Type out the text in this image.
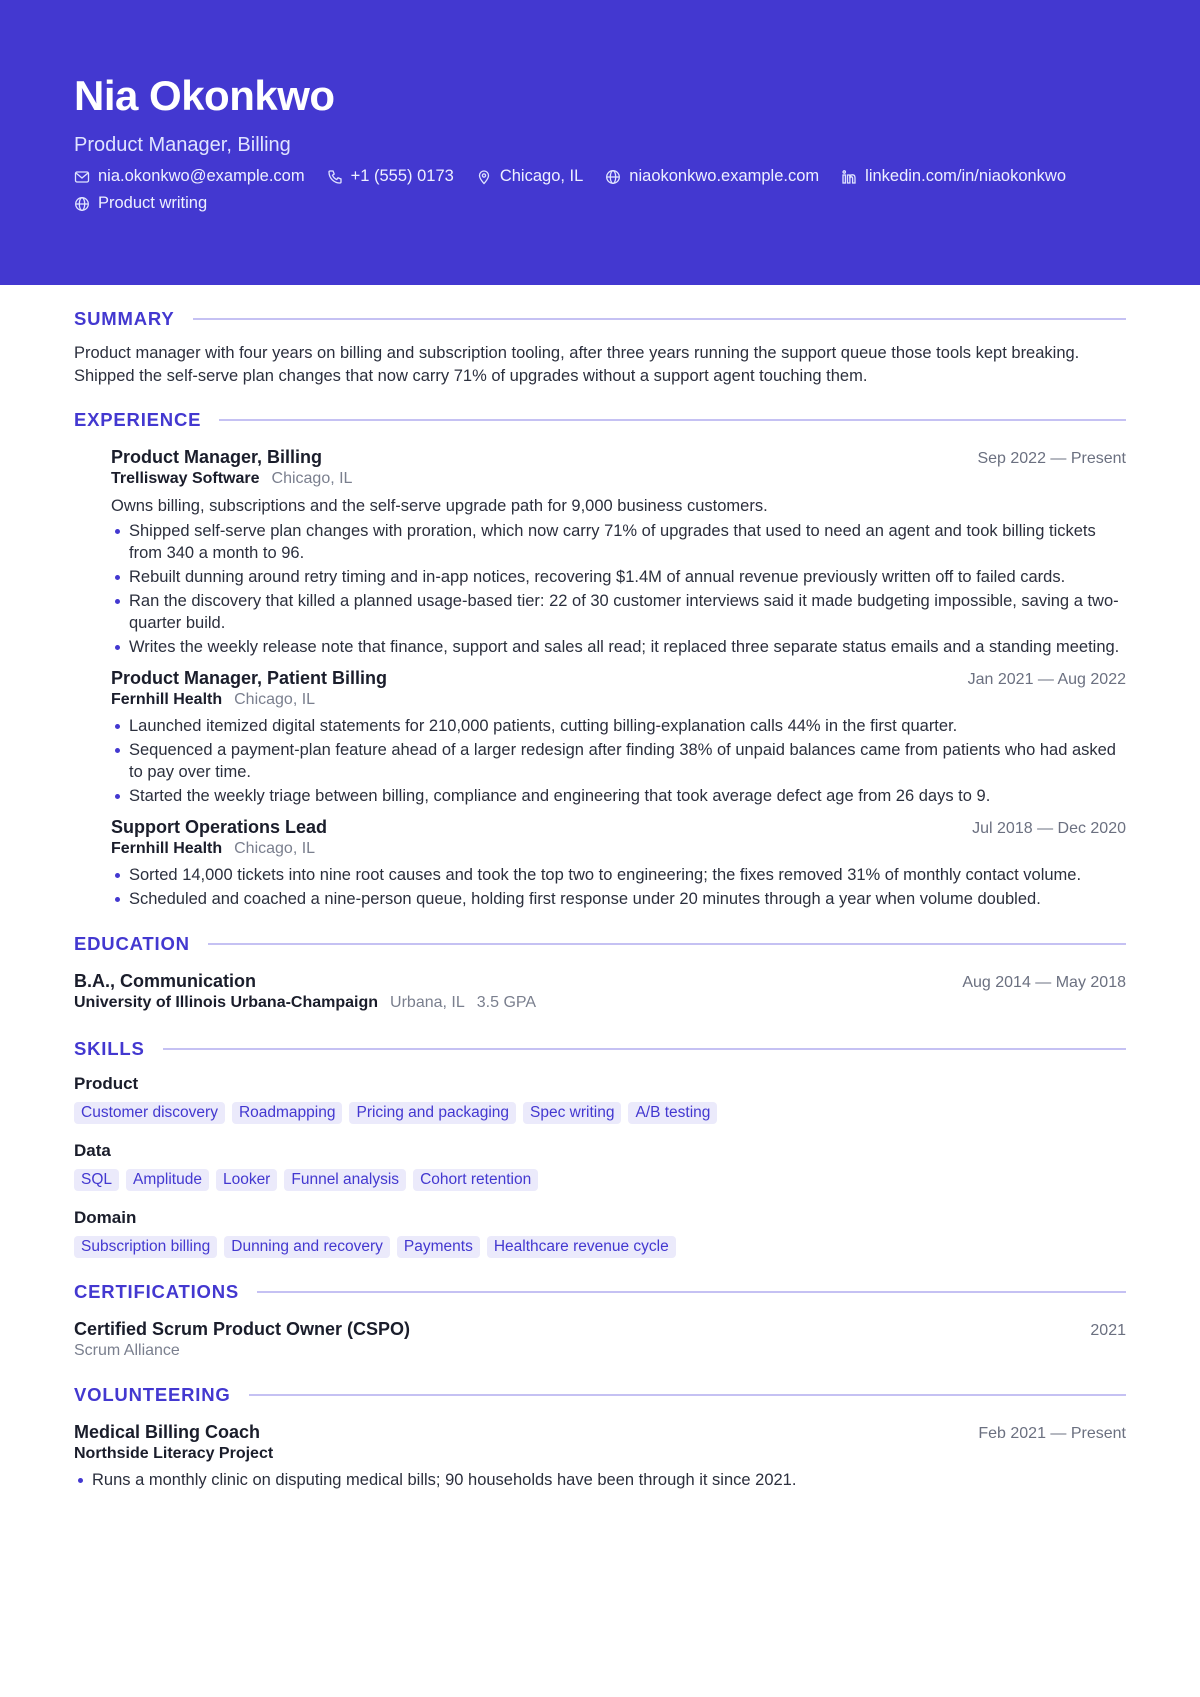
Nia Okonkwo
Product Manager, Billing
nia.okonkwo@example.com	+1 (555) 0173	Chicago, IL	niaokonkwo.example.com	linkedin.com/in/niaokonkwo
Product writing
SUMMARY

Product manager with four years on billing and subscription tooling, after three years running the support queue those tools kept breaking. Shipped the self-serve plan changes that now carry 71% of upgrades without a support agent touching them.

EXPERIENCE
Product Manager, Billing	Sep 2022 — Present
Trellisway Software Chicago, IL

Owns billing, subscriptions and the self-serve upgrade path for 9,000 business customers.

Shipped self-serve plan changes with proration, which now carry 71% of upgrades that used to need an agent and took billing tickets from 340 a month to 96.
Rebuilt dunning around retry timing and in-app notices, recovering $1.4M of annual revenue previously written off to failed cards.
Ran the discovery that killed a planned usage-based tier: 22 of 30 customer interviews said it made budgeting impossible, saving a two-quarter build.
Writes the weekly release note that finance, support and sales all read; it replaced three separate status emails and a standing meeting.
Product Manager, Patient Billing	Jan 2021 — Aug 2022
Fernhill Health Chicago, IL
Launched itemized digital statements for 210,000 patients, cutting billing-explanation calls 44% in the first quarter.
Sequenced a payment-plan feature ahead of a larger redesign after finding 38% of unpaid balances came from patients who had asked to pay over time.
Started the weekly triage between billing, compliance and engineering that took average defect age from 26 days to 9.
Support Operations Lead	Jul 2018 — Dec 2020
Fernhill Health Chicago, IL
Sorted 14,000 tickets into nine root causes and took the top two to engineering; the fixes removed 31% of monthly contact volume.
Scheduled and coached a nine-person queue, holding first response under 20 minutes through a year when volume doubled.
EDUCATION
B.A., Communication	Aug 2014 — May 2018
University of Illinois Urbana-Champaign Urbana, IL 3.5 GPA
SKILLS
Product
Customer discovery	Roadmapping	Pricing and packaging	Spec writing	A/B testing
Data
SQL	Amplitude	Looker	Funnel analysis	Cohort retention
Domain
Subscription billing	Dunning and recovery	Payments	Healthcare revenue cycle
CERTIFICATIONS
Certified Scrum Product Owner (CSPO)	2021
Scrum Alliance
VOLUNTEERING
Medical Billing Coach	Feb 2021 — Present
Northside Literacy Project
Runs a monthly clinic on disputing medical bills; 90 households have been through it since 2021.
